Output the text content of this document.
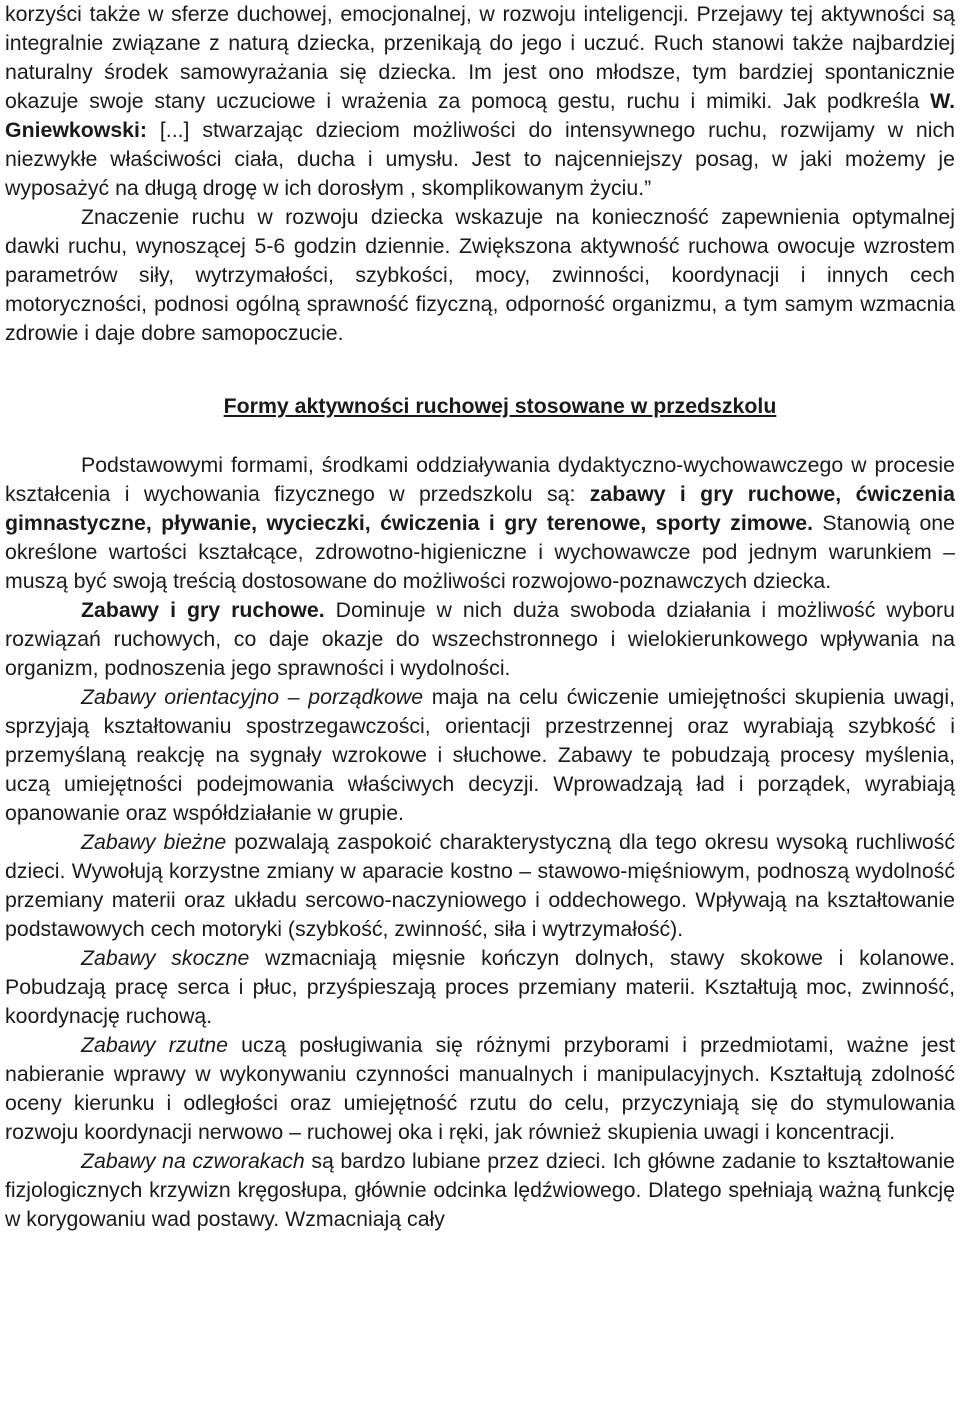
korzyści także w sferze duchowej, emocjonalnej, w rozwoju inteligencji. Przejawy tej aktywności są integralnie związane z naturą dziecka, przenikają do jego i uczuć. Ruch stanowi także najbardziej naturalny środek samowyrażania się dziecka. Im jest ono młodsze, tym bardziej spontanicznie okazuje swoje stany uczuciowe i wrażenia za pomocą gestu, ruchu i mimiki. Jak podkreśla W. Gniewkowski: [...] stwarzając dzieciom możliwości do intensywnego ruchu, rozwijamy w nich niezwykłe właściwości ciała, ducha i umysłu. Jest to najcenniejszy posag, w jaki możemy je wyposażyć na długą drogę w ich dorosłym , skomplikowanym życiu.”

Znaczenie ruchu w rozwoju dziecka wskazuje na konieczność zapewnienia optymalnej dawki ruchu, wynoszącej 5-6 godzin dziennie. Zwiększona aktywność ruchowa owocuje wzrostem parametrów siły, wytrzymałości, szybkości, mocy, zwinności, koordynacji i innych cech motoryczności, podnosi ogólną sprawność fizyczną, odporność organizmu, a tym samym wzmacnia zdrowie i daje dobre samopoczucie.

Formy aktywności ruchowej stosowane w przedszkolu

Podstawowymi formami, środkami oddziaływania dydaktyczno-wychowawczego w procesie kształcenia i wychowania fizycznego w przedszkolu są: zabawy i gry ruchowe, ćwiczenia gimnastyczne, pływanie, wycieczki, ćwiczenia i gry terenowe, sporty zimowe. Stanowią one określone wartości kształcące, zdrowotno-higieniczne i wychowawcze pod jednym warunkiem – muszą być swoją treścią dostosowane do możliwości rozwojowo-poznawczych dziecka.

Zabawy i gry ruchowe. Dominuje w nich duża swoboda działania i możliwość wyboru rozwiązań ruchowych, co daje okazje do wszechstronnego i wielokierunkowego wpływania na organizm, podnoszenia jego sprawności i wydolności.

Zabawy orientacyjno – porządkowe maja na celu ćwiczenie umiejętności skupienia uwagi, sprzyjają kształtowaniu spostrzegawczości, orientacji przestrzennej oraz wyrabiają szybkość i przemyślaną reakcję na sygnały wzrokowe i słuchowe. Zabawy te pobudzają procesy myślenia, uczą umiejętności podejmowania właściwych decyzji. Wprowadzają ład i porządek, wyrabiają opanowanie oraz współdziałanie w grupie.

Zabawy bieżne pozwalają zaspokoić charakterystyczną dla tego okresu wysoką ruchliwość dzieci. Wywołują korzystne zmiany w aparacie kostno – stawowo-mięśniowym, podnoszą wydolność przemiany materii oraz układu sercowo-naczyniowego i oddechowego. Wpływają na kształtowanie podstawowych cech motoryki (szybkość, zwinność, siła i wytrzymałość).

Zabawy skoczne wzmacniają mięsnie kończyn dolnych, stawy skokowe i kolanowe. Pobudzają pracę serca i płuc, przyśpieszają proces przemiany materii. Kształtują moc, zwinność, koordynację ruchową.

Zabawy rzutne uczą posługiwania się różnymi przyborami i przedmiotami, ważne jest nabieranie wprawy w wykonywaniu czynności manualnych i manipulacyjnych. Kształtują zdolność oceny kierunku i odległości oraz umiejętność rzutu do celu, przyczyniają się do stymulowania rozwoju koordynacji nerwowo – ruchowej oka i ręki, jak również skupienia uwagi i koncentracji.

Zabawy na czworakach są bardzo lubiane przez dzieci. Ich główne zadanie to kształtowanie fizjologicznych krzywizn kręgosłupa, głównie odcinka lędźwiowego. Dlatego spełniają ważną funkcję w korygowaniu wad postawy. Wzmacniają cały
